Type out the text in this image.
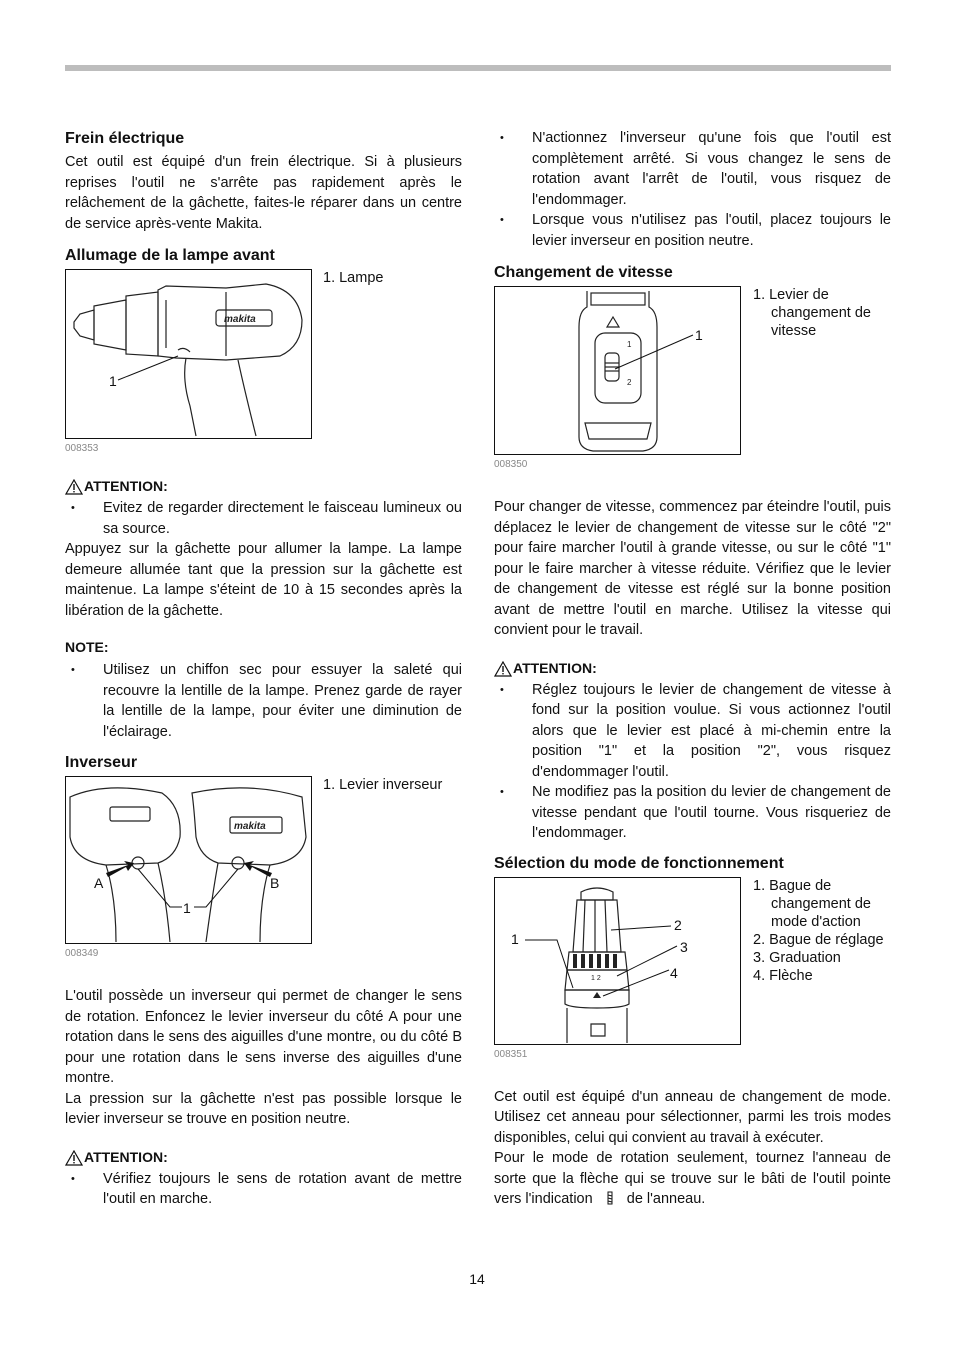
Frein électrique

Cet outil est équipé d'un frein électrique. Si à plusieurs reprises l'outil ne s'arrête pas rapidement après le relâchement de la gâchette, faites-le réparer dans un centre de service après-vente Makita.

Allumage de la lampe avant
makita
1
1. Lampe
008353
ATTENTION:
• Evitez de regarder directement le faisceau lumineux ou sa source.

Appuyez sur la gâchette pour allumer la lampe. La lampe demeure allumée tant que la pression sur la gâchette est maintenue. La lampe s'éteint de 10 à 15 secondes après la libération de la gâchette.

NOTE:
• Utilisez un chiffon sec pour essuyer la saleté qui recouvre la lentille de la lampe. Prenez garde de rayer la lentille de la lampe, pour éviter une diminution de l'éclairage.
Inverseur
makita
A	B
1
1. Levier inverseur
008349

L'outil possède un inverseur qui permet de changer le sens de rotation. Enfoncez le levier inverseur du côté A pour une rotation dans le sens des aiguilles d'une montre, ou du côté B pour une rotation dans le sens inverse des aiguilles d'une montre.

La pression sur la gâchette n'est pas possible lorsque le levier inverseur se trouve en position neutre.

ATTENTION:
• Vérifiez toujours le sens de rotation avant de mettre l'outil en marche.
• N'actionnez l'inverseur qu'une fois que l'outil est complètement arrêté. Si vous changez le sens de rotation avant l'arrêt de l'outil, vous risquez de l'endommager.
• Lorsque vous n'utilisez pas l'outil, placez toujours le levier inverseur en position neutre.
Changement de vitesse
1
2
1
1. Levier de changement de vitesse
008350

Pour changer de vitesse, commencez par éteindre l'outil, puis déplacez le levier de changement de vitesse sur le côté "2" pour faire marcher l'outil à grande vitesse, ou sur le côté "1" pour le faire marcher à vitesse réduite. Vérifiez que le levier de changement de vitesse est réglé sur la bonne position avant de mettre l'outil en marche. Utilisez la vitesse qui convient pour le travail.

ATTENTION:
• Réglez toujours le levier de changement de vitesse à fond sur la position voulue. Si vous actionnez l'outil alors que le levier est placé à mi-chemin entre la position "1" et la position "2", vous risquez d'endommager l'outil.
• Ne modifiez pas la position du levier de changement de vitesse pendant que l'outil tourne. Vous risqueriez de l'endommager.
Sélection du mode de fonctionnement
1 2
1
2
3
4
1. Bague de changement de mode d'action
2. Bague de réglage
3. Graduation
4. Flèche
008351

Cet outil est équipé d'un anneau de changement de mode. Utilisez cet anneau pour sélectionner, parmi les trois modes disponibles, celui qui convient au travail à exécuter.

Pour le mode de rotation seulement, tournez l'anneau de sorte que la flèche qui se trouve sur le bâti de l'outil pointe vers l'indication de l'anneau.

14
